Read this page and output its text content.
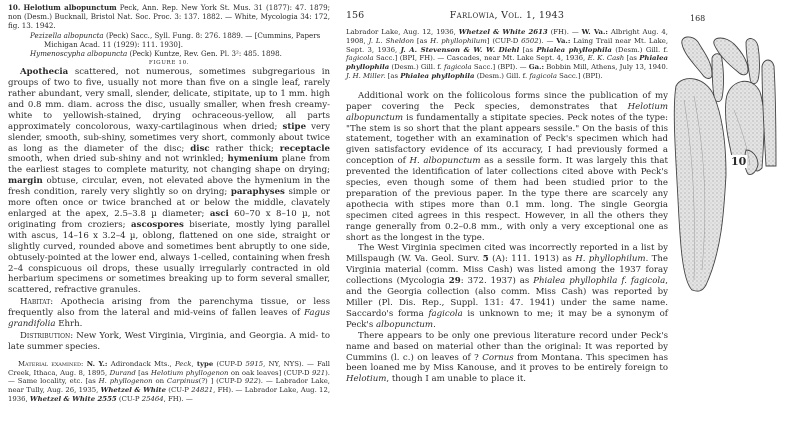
10. Helotium albopunctum Peck, Ann. Rep. New York St. Mus. 31 (1877): 47. 1879; non (Desm.) Bucknall, Bristol Nat. Soc. Proc. 3: 137. 1882. — White, Mycologia 34: 172, fig. 13. 1942.
Pezizella albopuncta (Peck) Sacc., Syll. Fung. 8: 276. 1889. — [Cummins, Papers Michigan Acad. 11 (1929): 111. 1930].
Hymenoscypha albopuncta (Peck) Kuntze, Rev. Gen. Pl. 3²: 485. 1898.
FIGURE 10.

Apothecia scattered, not numerous, sometimes subgregarious in groups of two to five, usually not more than five on a single leaf, rarely rather abundant, very small, slender, delicate, stipitate, up to 1 mm. high and 0.8 mm. diam. across the disc, usually smaller, when fresh creamy-white to yellowish-stained, drying ochraceous-yellow, all parts approximately concolorous, waxy-cartilaginous when dried; stipe very slender, smooth, sub-shiny, sometimes very short, commonly about twice as long as the diameter of the disc; disc rather thick; receptacle smooth, when dried sub-shiny and not wrinkled; hymenium plane from the earliest stages to complete maturity, not changing shape on drying; margin obtuse, circular, even, not elevated above the hymenium in the fresh condition, rarely very slightly so on drying; paraphyses simple or more often once or twice branched at or below the middle, clavately enlarged at the apex, 2.5–3.8 µ diameter; asci 60–70 x 8–10 µ, not originating from croziers; ascospores biseriate, mostly lying parallel with ascus, 14–16 x 3.2–4 µ, oblong, flattened on one side, straight or slightly curved, rounded above and sometimes bent abruptly to one side, obtusely-pointed at the lower end, always 1-celled, containing when fresh 2–4 conspicuous oil drops, these usually irregularly contracted in old herbarium specimens or sometimes breaking up to form several smaller, scattered, refractive granules.

Habitat: Apothecia arising from the parenchyma tissue, or less frequently also from the lateral and mid-veins of fallen leaves of Fagus grandifolia Ehrh.

Distribution: New York, West Virginia, Virginia, and Georgia. A mid- to late summer species.

Material examined: N. Y.: Adirondack Mts., Peck, type (CUP-D 5915, NY, NYS). — Fall Creek, Ithaca, Aug. 8, 1895, Durand [as Helotium phyllogenon on oak leaves] (CUP-D 921). — Same locality, etc. [as H. phyllogenon on Carpinus(?) ] (CUP-D 922). — Labrador Lake, near Tully, Aug. 26, 1935, Whetzel & White (CU-P 24821, FH). — Labrador Lake, Aug. 12, 1936, Whetzel & White 2555 (CU-P 25464, FH). —
156	Farlowia, Vol. 1, 1943
Labrador Lake, Aug. 12, 1936, Whetzel & White 2613 (FH). — W. Va.: Albright Aug. 4, 1908, J. L. Sheldon [as H. phyllophilum] (CUP-D 6502). — Va.: Laing Trail near Mt. Lake, Sept. 3, 1936, J. A. Stevenson & W. W. Diehl [as Phialea phyllophila (Desm.) Gill. f. fagicola Sacc.] (BPI, FH). — Cascades, near Mt. Lake Sept. 4, 1936, E. K. Cash [as Phialea phyllophila (Desm.) Gill. f. fagicola Sacc.] (BPI). — Ga.: Bobbin Mill, Athens, July 13, 1940. J. H. Miller. [as Phialea phyllophila (Desm.) Gill. f. fagicola Sacc.] (BPI).

Additional work on the foliicolous forms since the publication of my paper covering the Peck species, demonstrates that Helotium albopunctum is fundamentally a stipitate species. Peck notes of the type: "The stem is so short that the plant appears sessile." On the basis of this statement, together with an examination of Peck's specimen which had given satisfactory evidence of its accuracy, I had previously formed a conception of H. albopunctum as a sessile form. It was largely this that prevented the identification of later collections cited above with Peck's species, even though some of them had been studied prior to the preparation of the previous paper. In the type there are scarcely any apothecia with stipes more than 0.1 mm. long. The single Georgia specimen cited agrees in this respect. However, in all the others they range generally from 0.2–0.8 mm., with only a very exceptional one as short as the longest in the type.

The West Virginia specimen cited was incorrectly reported in a list by Millspaugh (W. Va. Geol. Surv. 5 (A): 111. 1913) as H. phyllophilum. The Virginia material (comm. Miss Cash) was listed among the 1937 foray collections (Mycologia 29: 372. 1937) as Phialea phyllophila f. fagicola, and the Georgia collection (also comm. Miss Cash) was reported by Miller (Pl. Dis. Rep., Suppl. 131: 47. 1941) under the same name. Saccardo's forma fagicola is unknown to me; it may be a synonym of Peck's albopunctum.

There appears to be only one previous literature record under Peck's name and based on material other than the original: It was reported by Cummins (l. c.) on leaves of ? Cornus from Montana. This specimen has been loaned me by Miss Kanouse, and it proves to be entirely foreign to Helotium, though I am unable to place it.

168
10
